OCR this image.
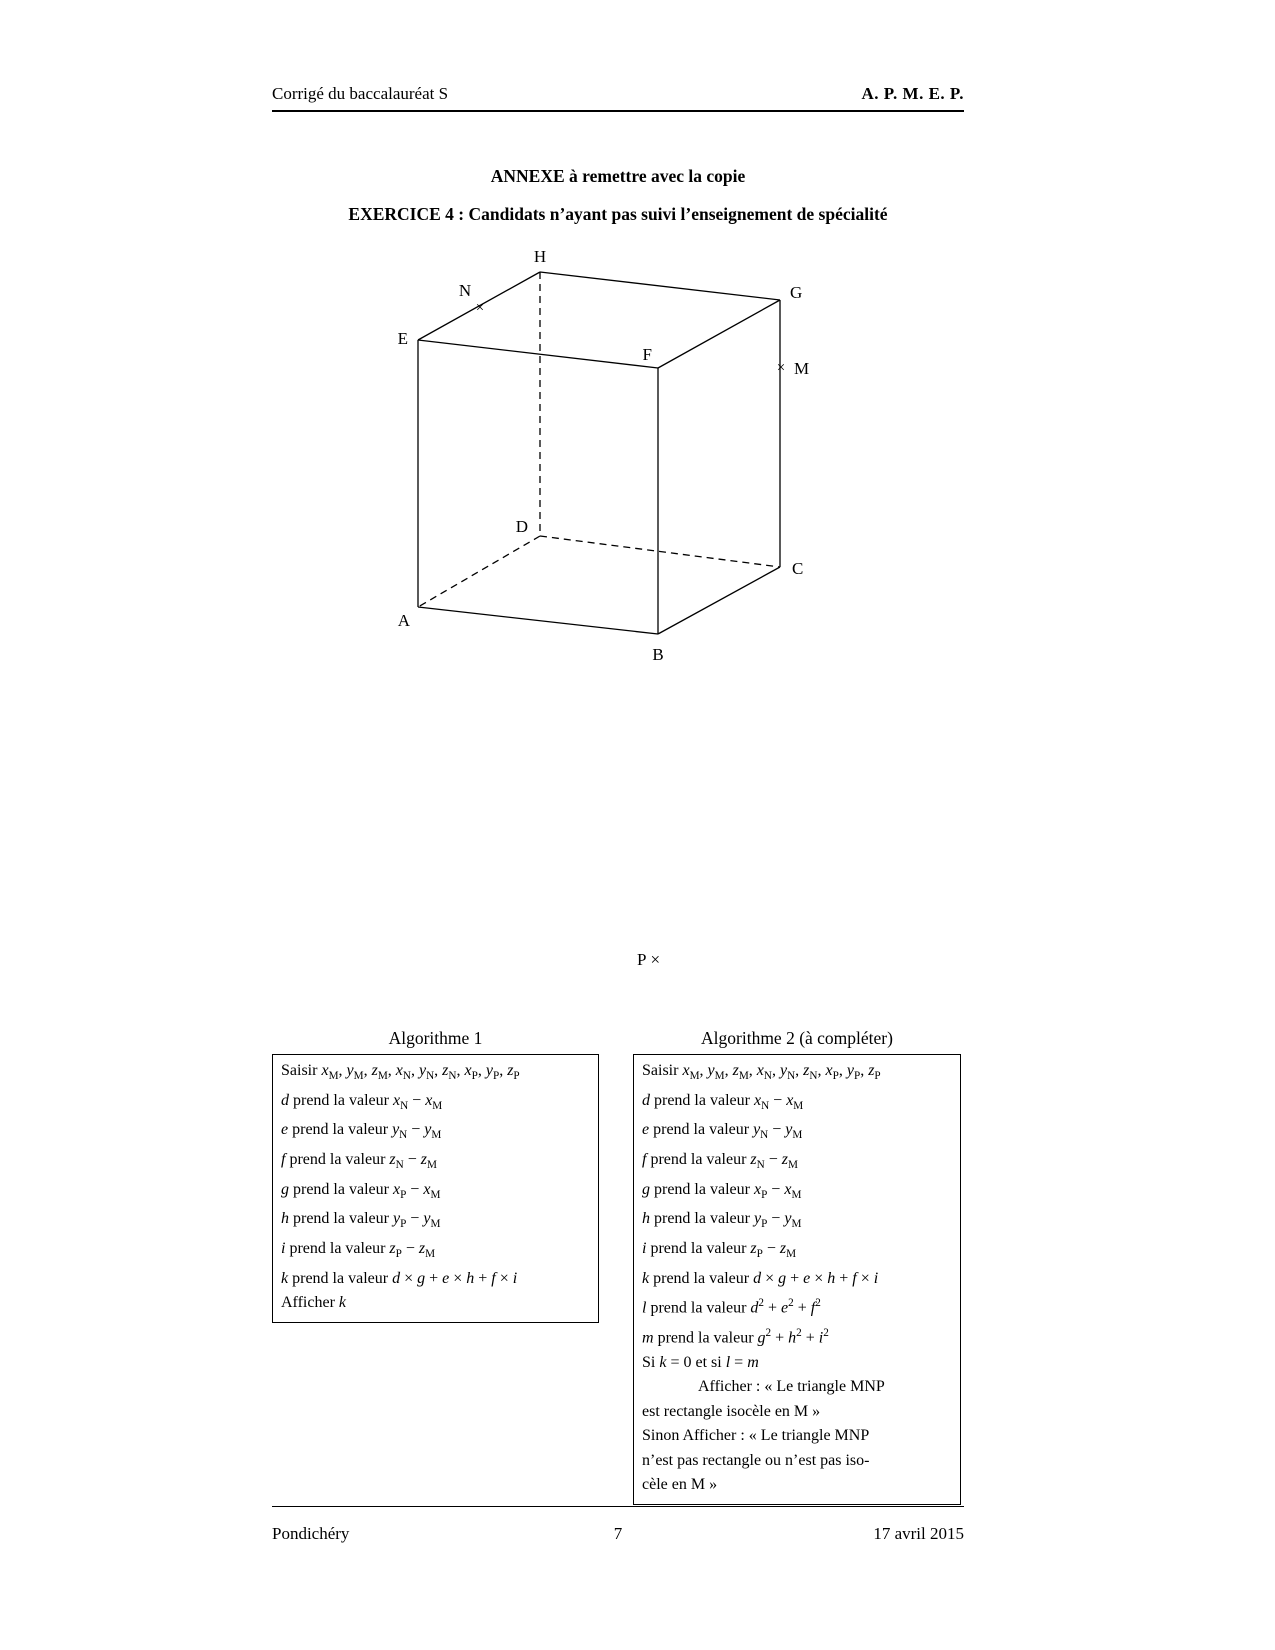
Corrigé du baccalauréat S	A. P. M. E. P.
ANNEXE à remettre avec la copie
EXERCICE 4 : Candidats n’ayant pas suivi l’enseignement de spécialité
H
N
×
G
E
F
× M
D
C
A
B
P ×
Algorithme 1
Saisir $x_M$, $y_M$, $z_M$, $x_N$, $y_N$, $z_N$, $x_P$, $y_P$, $z_P$
d prend la valeur $x_N - x_M$
e prend la valeur $y_N - y_M$
f prend la valeur $z_N - z_M$
g prend la valeur $x_P - x_M$
h prend la valeur $y_P - y_M$
i prend la valeur $z_P - z_M$
k prend la valeur d × g + e × h + f × i
Afficher k
Algorithme 2 (à compléter)
Saisir $x_M$, $y_M$, $z_M$, $x_N$, $y_N$, $z_N$, $x_P$, $y_P$, $z_P$
d prend la valeur $x_N - x_M$
e prend la valeur $y_N - y_M$
f prend la valeur $z_N - z_M$
g prend la valeur $x_P - x_M$
h prend la valeur $y_P - y_M$
i prend la valeur $z_P - z_M$
k prend la valeur d × g + e × h + f × i
l prend la valeur $d^2 + e^2 + f^2$
m prend la valeur $g^2 + h^2 + i^2$
Si k = 0 et si l = m
Afficher : « Le triangle MNP
est rectangle isocèle en M »
Sinon Afficher : « Le triangle MNP
n’est pas rectangle ou n’est pas iso-
cèle en M »
Pondichéry	7	17 avril 2015
